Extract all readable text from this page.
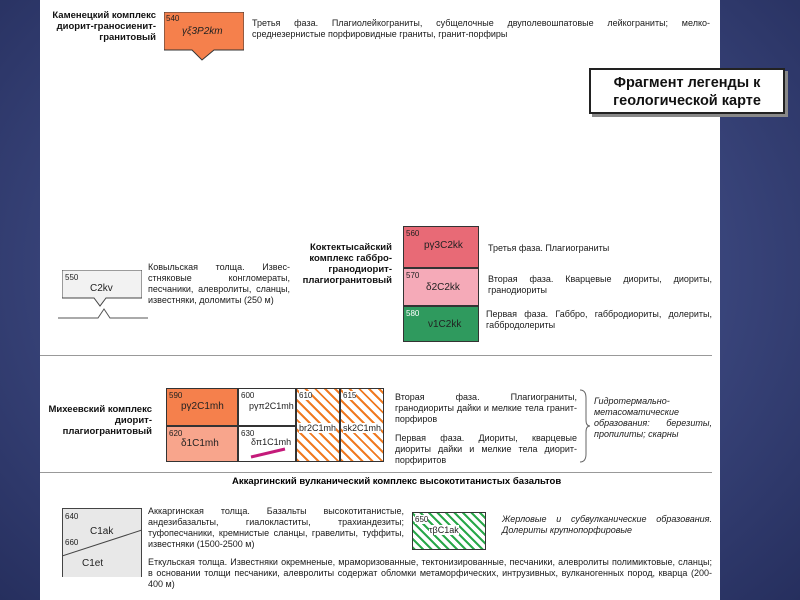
Каменецкий комплекс диорит-граносиенит-гранитовый
540
γξ3P2km
Третья фаза. Плагиолейкограниты, субщелочные двуполевошпатовые лейкограниты; мелко-среднезернистые порфировидные граниты, гранит-порфиры
550
C2kv
Ковыльская толща. Извес-стняковые конгломераты, песчаники, алевролиты, сланцы, известняки, доломиты (250 м)
Коктектысайский комплекс габбро-гранодиорит-плагиогранитовый
560
pγ3C2kk
570
δ2C2kk
580
ν1C2kk
Третья фаза. Плагиограниты
Вторая фаза. Кварцевые диориты, диориты, гранодиориты
Первая фаза. Габбро, габбродиориты, долериты, габбродолериты
Михеевский комплекс диорит-плагиогранитовый
590
pγ2C1mh
620
δ1C1mh
600
pγπ2C1mh
630
δπ1C1mh
610
br2C1mh
615
sk2C1mh
Вторая фаза. Плагиограниты, гранодиориты дайки и мелкие тела гранит-порфиров
Первая фаза. Диориты, кварцевые диориты дайки и мелкие тела диорит-порфиритов
Гидротермально-метасоматические образования: березиты, пропилиты; скарны
Аккаргинский вулканический комплекс высокотитанистых базальтов
640
660
C1ak
C1et
Аккаргинская толща. Базальты высокотитанистые, андезибазальты, гиалокластиты, трахиандезиты; туфопесчаники, кремнистые сланцы, гравелиты, туффиты, известняки (1500-2500 м)
Еткульская толща. Известняки окремненые, мраморизованные, тектонизированные, песчаники, алевролиты полимиктовые, сланцы; в основании толщи песчаники, алевролиты содержат обломки метаморфических, интрузивных, вулканогенных пород, кварца (200-400 м)
650
τβC1ak
Жерловые и субвулканические образования. Долериты крупнопорфировые
Фрагмент легенды к геологической карте
